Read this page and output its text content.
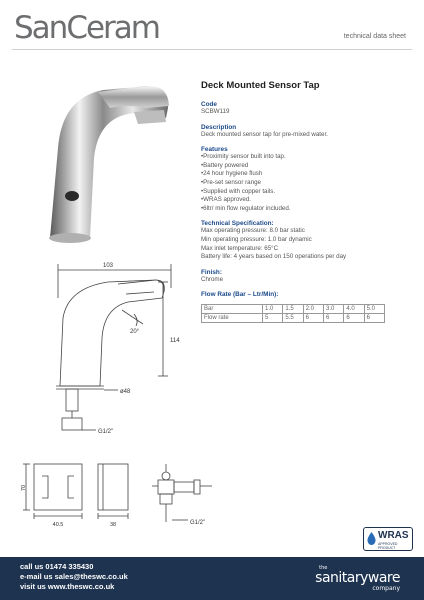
SanCeram	technical data sheet
103
20°
114
ø48
G1/2"
70
40.5	38	G1/2"
Deck Mounted Sensor Tap
Code
SCBW119
Description
Deck mounted sensor tap for pre-mixed water.
Features
• Proximity sensor built into tap.
• Battery powered
• 24 hour hygiene flush
• Pre-set sensor range
• Supplied with copper tails.
• WRAS approved.
• 6ltr/ min flow regulator included.
Technical Specification:
Max operating pressure: 8.0 bar static
Min operating pressure: 1.0 bar dynamic
Max inlet temperature: 65°C
Battery life: 4 years based on 150 operations per day
Finish:
Chrome
Flow Rate (Bar – Ltr/Min):
Bar	1.0	1.5	2.0	3.0	4.0	5.0
Flow rate	5	5.5	6	6	6	6
WRAS
APPROVED PRODUCT
call us 01474 335430
e-mail us sales@theswc.co.uk
visit us www.theswc.co.uk
the
sanitaryware
company
